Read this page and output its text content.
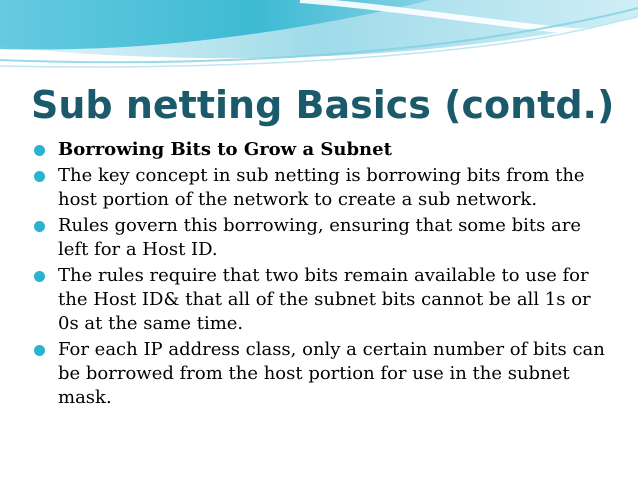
Sub netting Basics (contd.)
Borrowing Bits to Grow a Subnet
The key concept in sub netting is borrowing bits from the host portion of the network to create a sub network.
Rules govern this borrowing, ensuring that some bits are left for a Host ID.
The rules require that two bits remain available to use for the Host ID& that all of the subnet bits cannot be all 1s or 0s at the same time.
For each IP address class, only a certain number of bits can be borrowed from the host portion for use in the subnet mask.
